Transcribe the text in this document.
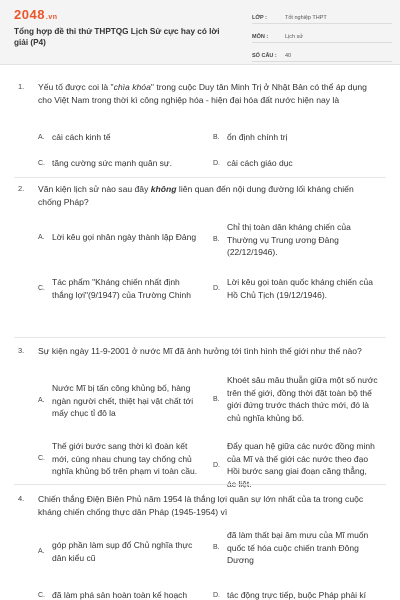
2048.vn
Tổng hợp đề thi thử THPTQG Lịch Sử cực hay có lời giải (P4)
LỚP :	Tốt nghiệp THPT
MÔN :	Lịch sử
SỐ CÂU :	40
1. Yếu tố được coi là "chìa khóa" trong cuộc Duy tân Minh Trị ở Nhật Bản có thể áp dụng cho Việt Nam trong thời kì công nghiệp hóa - hiện đại hóa đất nước hiện nay là
A. cải cách kinh tế	B. ổn định chính trị
C. tăng cường sức mạnh quân sự.	D. cải cách giáo dục
2. Văn kiện lịch sử nào sau đây không liên quan đến nội dung đường lối kháng chiến chống Pháp?
A. Lời kêu gọi nhân ngày thành lập Đảng B.
Chỉ thị toàn dân kháng chiến của Thường vụ Trung ương Đảng (22/12/1946).
C.
Tác phẩm "Kháng chiến nhất định thắng lợi"(9/1947) của Trường Chinh
D.
Lời kêu gọi toàn quốc kháng chiến của Hồ Chủ Tịch (19/12/1946).
3. Sự kiện ngày 11-9-2001 ở nước Mĩ đã ảnh hưởng tới tình hình thế giới như thế nào?
A.
Nước Mĩ bị tấn công khủng bố, hàng ngàn người chết, thiệt hại vật chất tới mấy chục tỉ đô la
B.
Khoét sâu mâu thuẫn giữa một số nước trên thế giới, đồng thời đặt toàn bộ thế giới đứng trước thách thức mới, đó là chủ nghĩa khủng bố.
C.
Thế giới bước sang thời kì đoàn kết mới, cùng nhau chung tay chống chủ nghĩa khủng bố trên phạm vi toàn cầu.
D.
Đẩy quan hệ giữa các nước đồng minh của Mĩ và thế giới các nước theo đạo Hồi bước sang giai đoạn căng thẳng,
4. Chiến thắng Điện Biên Phủ năm 1954 là thắng lợi quân sự lớn nhất của ta trong cuộc kháng chiến chống thực dân Pháp (1945-1954) vì
A.
góp phần làm sụp đổ Chủ nghĩa thực dân kiểu cũ
B.
đã làm thất bại âm mưu của Mĩ muốn quốc tế hóa cuộc chiến tranh Đông Dương
C. đã làm phá sản hoàn toàn kế hoạch	D. tác động trực tiếp, buộc Pháp phải kí
